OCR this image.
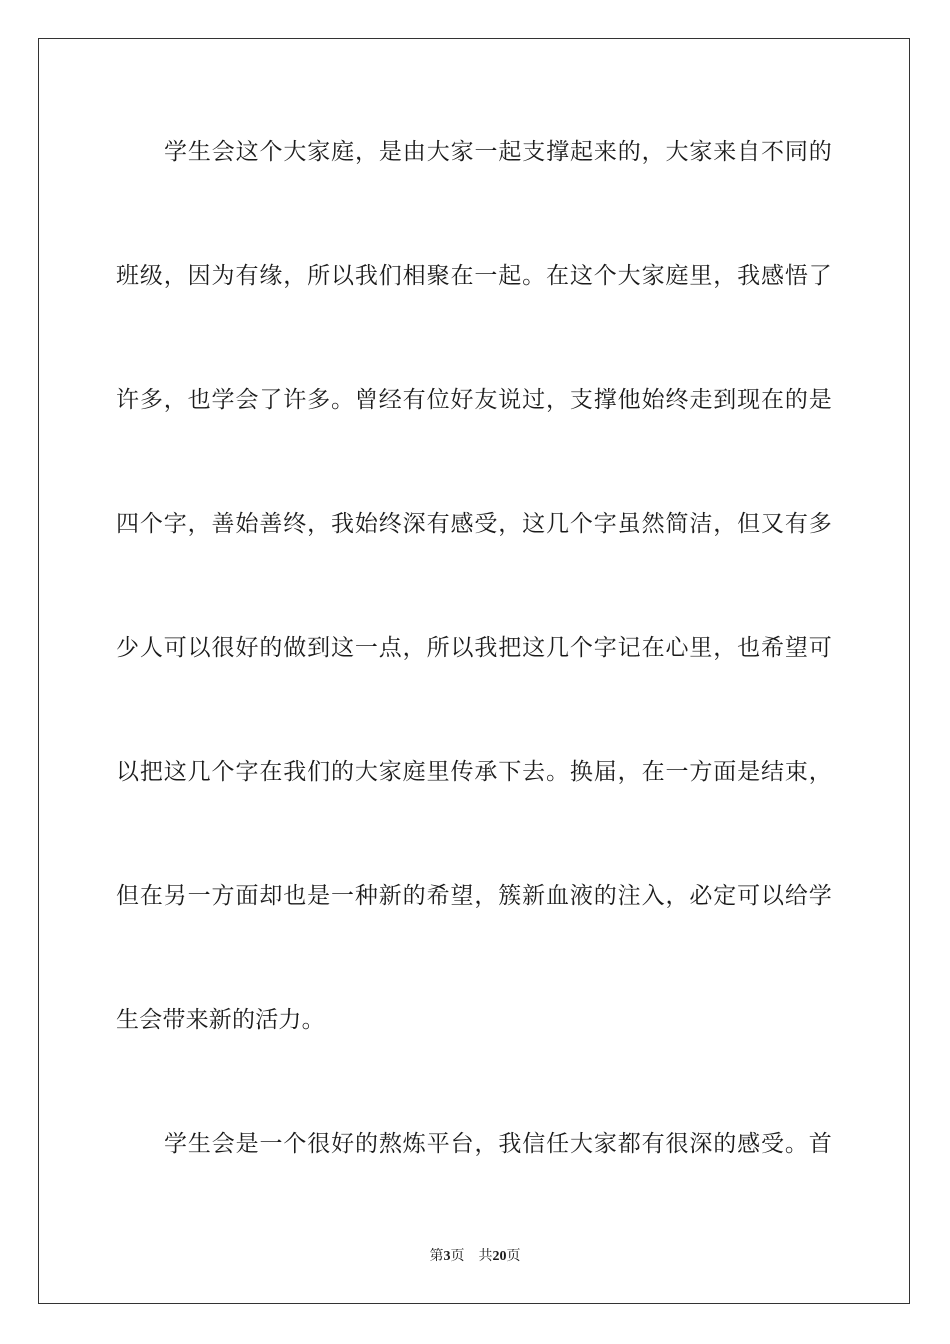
学生会这个大家庭，是由大家一起支撑起来的，大家来自不同的
班级，因为有缘，所以我们相聚在一起。在这个大家庭里，我感悟了
许多，也学会了许多。曾经有位好友说过，支撑他始终走到现在的是
四个字，善始善终，我始终深有感受，这几个字虽然简洁，但又有多
少人可以很好的做到这一点，所以我把这几个字记在心里，也希望可
以把这几个字在我们的大家庭里传承下去。换届，在一方面是结束，
但在另一方面却也是一种新的希望，簇新血液的注入，必定可以给学
生会带来新的活力。
学生会是一个很好的熬炼平台，我信任大家都有很深的感受。首
第3页 共20页
